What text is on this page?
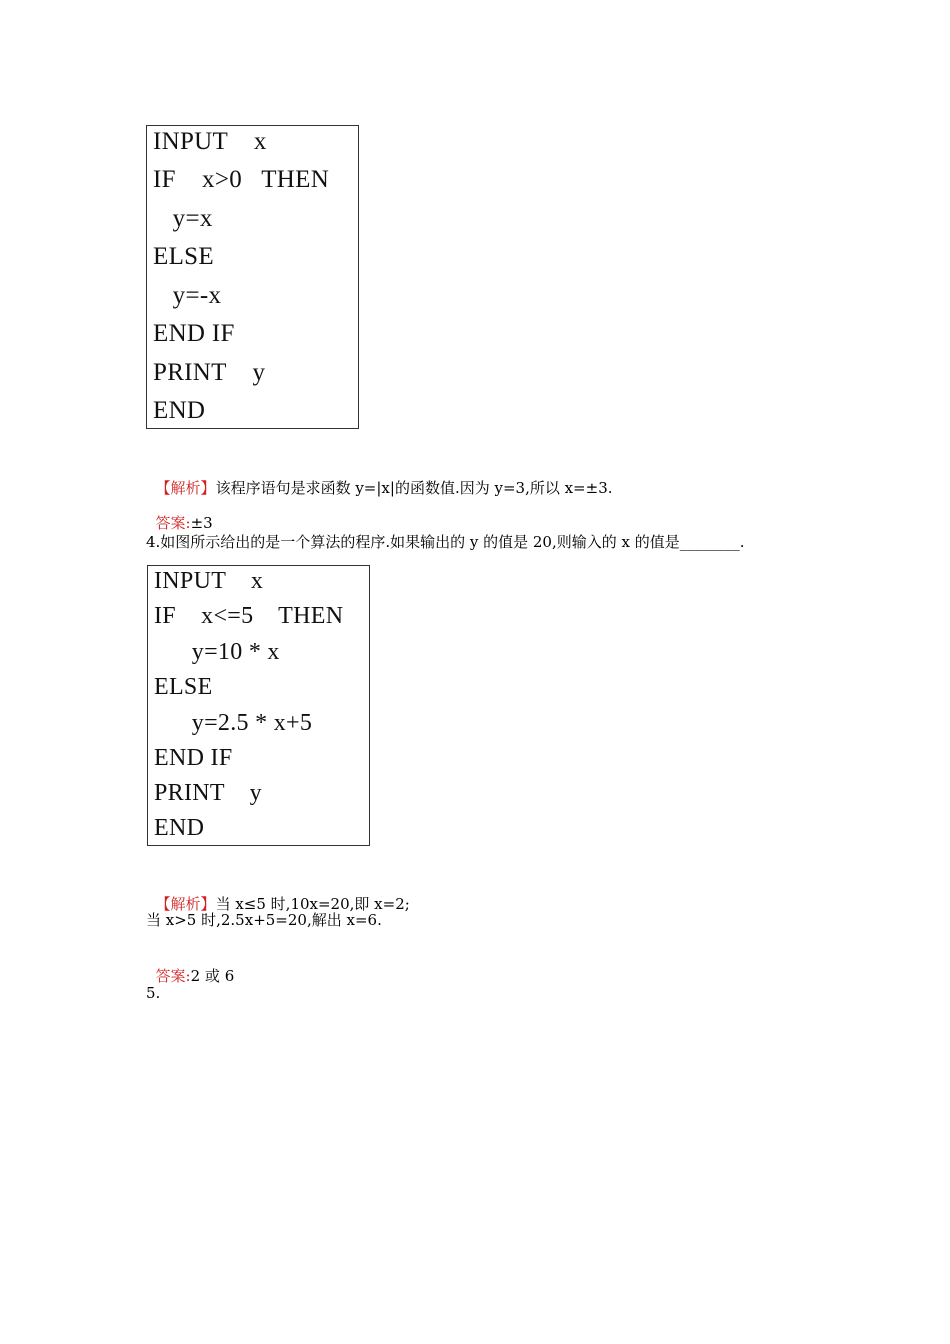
INPUT    x
IF    x>0   THEN
y=x
ELSE
y=-x
END IF
PRINT    y
END

【解析】该程序语句是求函数 y=|x|的函数值.因为 y=3,所以 x=±3.

答案:±3

4.如图所示给出的是一个算法的程序.如果输出的 y 的值是 20,则输入的 x 的值是________.
INPUT    x
IF    x<=5    THEN
y=10 * x
ELSE
y=2.5 * x+5
END IF
PRINT    y
END

【解析】当 x≤5 时,10x=20,即 x=2;

当 x>5 时,2.5x+5=20,解出 x=6.

答案:2 或 6

5.
